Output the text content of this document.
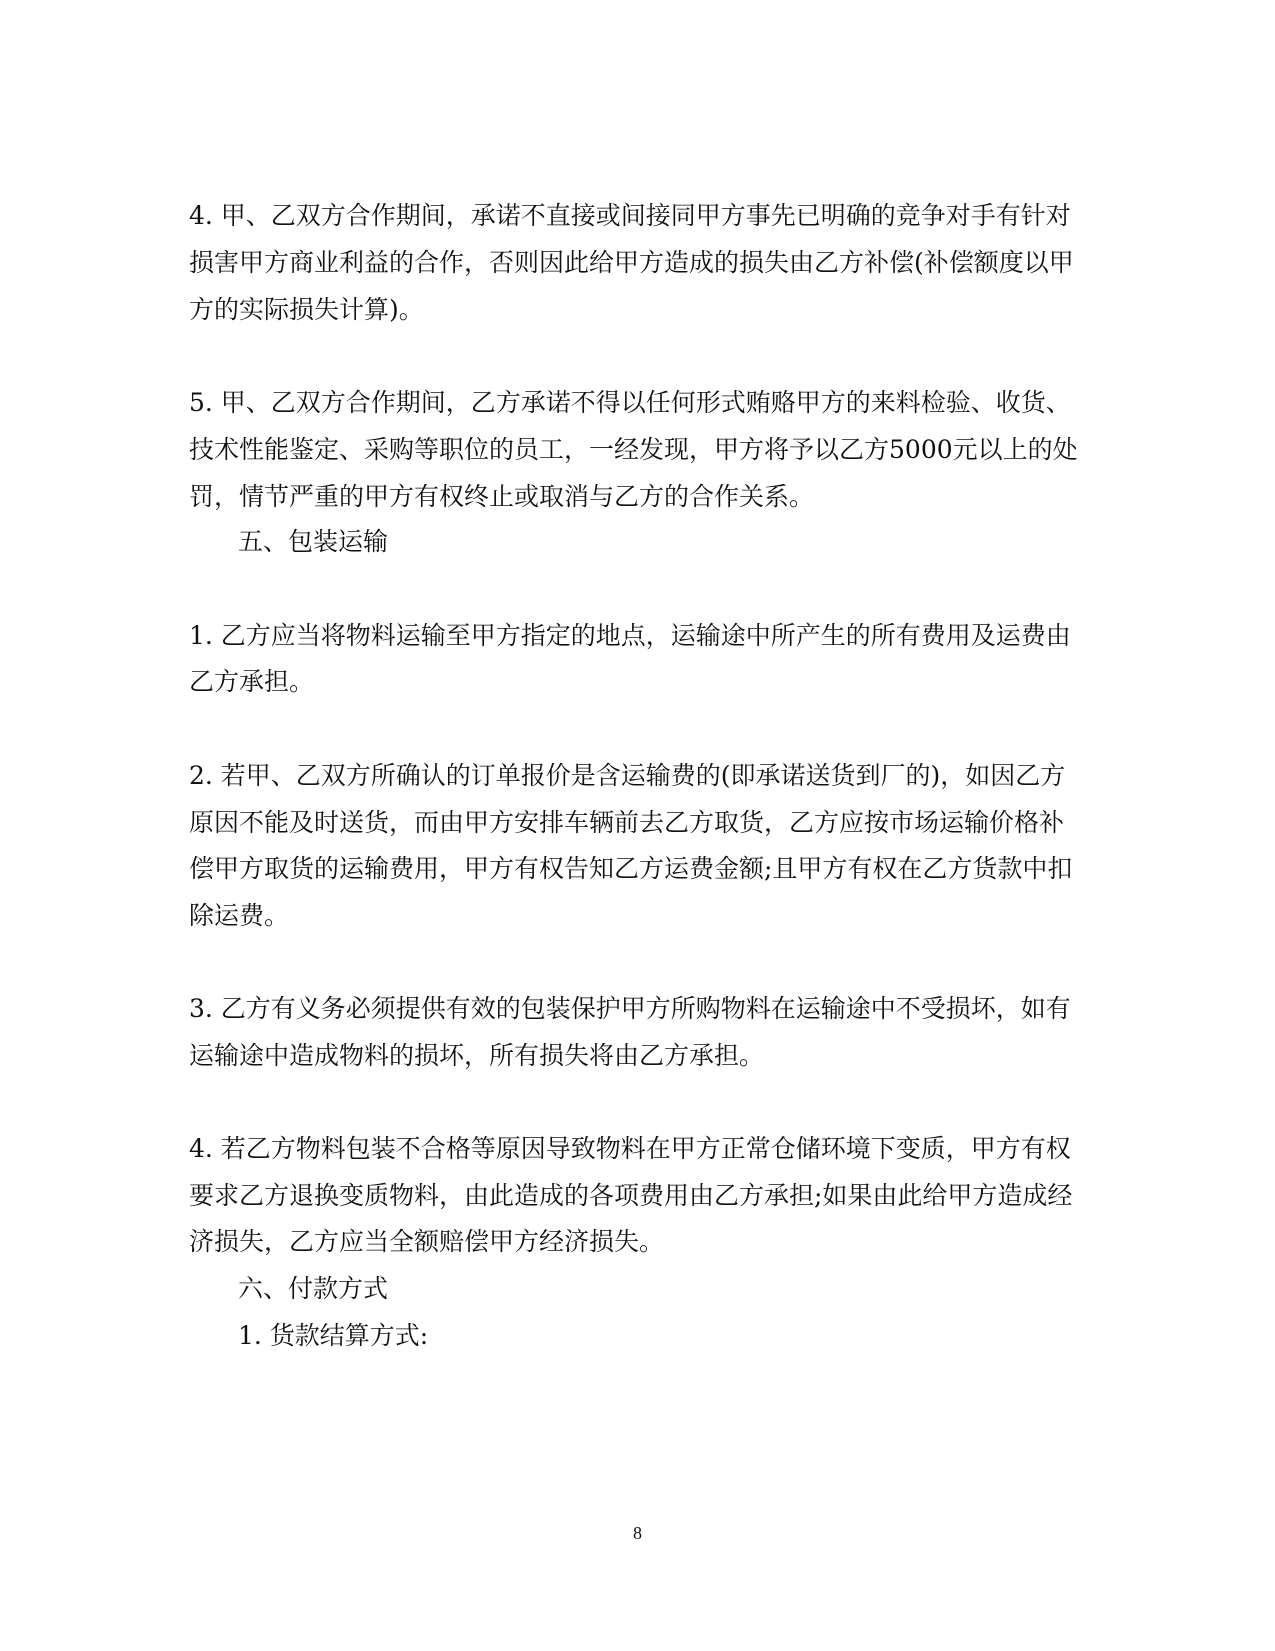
4. 甲、乙双方合作期间，承诺不直接或间接同甲方事先已明确的竞争对手有针对
损害甲方商业利益的合作，否则因此给甲方造成的损失由乙方补偿(补偿额度以甲
方的实际损失计算)。
5. 甲、乙双方合作期间，乙方承诺不得以任何形式贿赂甲方的来料检验、收货、
技术性能鉴定、采购等职位的员工，一经发现，甲方将予以乙方5000元以上的处
罚，情节严重的甲方有权终止或取消与乙方的合作关系。
五、包装运输
1. 乙方应当将物料运输至甲方指定的地点，运输途中所产生的所有费用及运费由
乙方承担。
2. 若甲、乙双方所确认的订单报价是含运输费的(即承诺送货到厂的)，如因乙方
原因不能及时送货，而由甲方安排车辆前去乙方取货，乙方应按市场运输价格补
偿甲方取货的运输费用，甲方有权告知乙方运费金额;且甲方有权在乙方货款中扣
除运费。
3. 乙方有义务必须提供有效的包装保护甲方所购物料在运输途中不受损坏，如有
运输途中造成物料的损坏，所有损失将由乙方承担。
4. 若乙方物料包装不合格等原因导致物料在甲方正常仓储环境下变质，甲方有权
要求乙方退换变质物料，由此造成的各项费用由乙方承担;如果由此给甲方造成经
济损失，乙方应当全额赔偿甲方经济损失。
六、付款方式
1. 货款结算方式:
8
